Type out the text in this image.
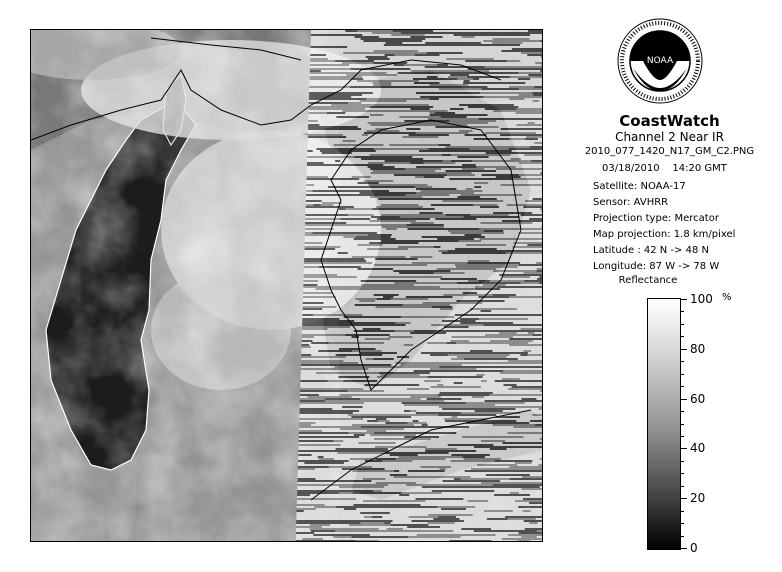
NOAA
CoastWatch
Channel 2 Near IR
2010_077_1420_N17_GM_C2.PNG
03/18/2010 14:20 GMT
Satellite: NOAA-17
Sensor: AVHRR
Projection type: Mercator
Map projection: 1.8 km/pixel
Latitude : 42 N -> 48 N
Longitude: 87 W -> 78 W
Reflectance
%
100
80
60
40
20
0
